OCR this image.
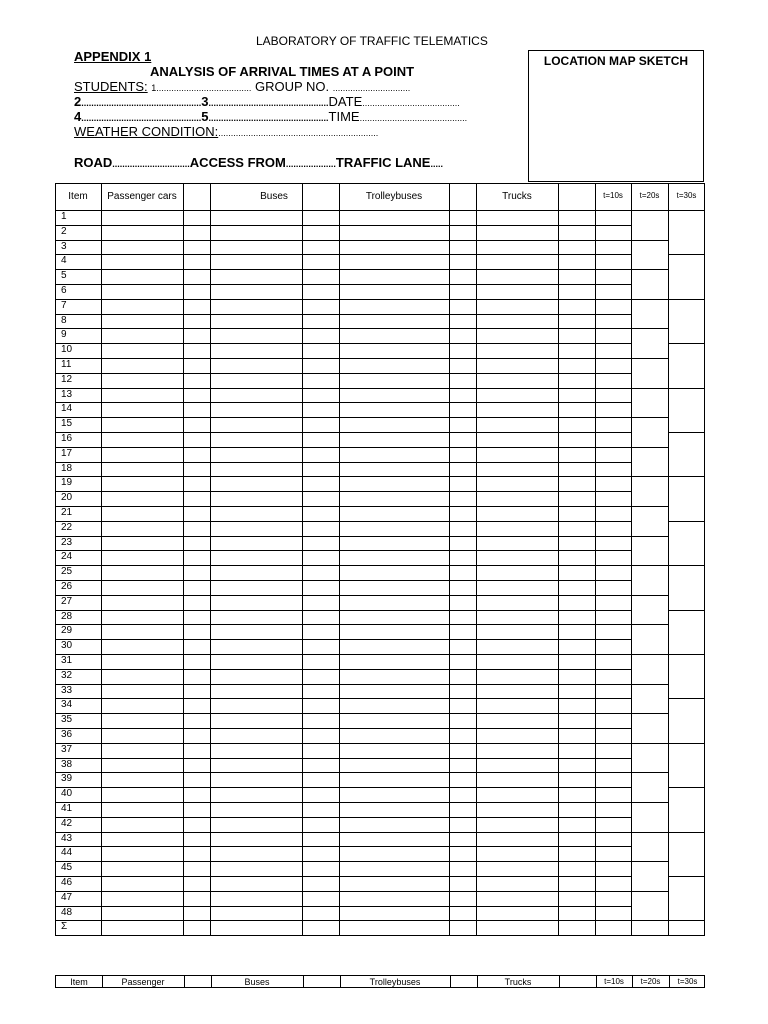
LABORATORY OF TRAFFIC TELEMATICS
APPENDIX 1
ANALYSIS OF ARRIVAL TIMES AT A POINT
STUDENTS: 1...................................... GROUP NO. ...............................
2................................................3................................................DATE.......................................
4................................................5................................................TIME...........................................
WEATHER CONDITION:................................................................
ROAD...............................ACCESS FROM....................TRAFFIC LANE.....
LOCATION MAP SKETCH
Item	Passenger cars	Buses	Trolleybuses	Trucks	t=10s	t=20s	t=30s
1
2
3
4
5
6
7
8
9
10
11
12
13
14
15
16
17
18
19
20
21
22
23
24
25
26
27
28
29
30
31
32
33
34
35
36
37
38
39
40
41
42
43
44
45
46
47
48
Σ
Item	Passenger	Buses	Trolleybuses	Trucks	t=10s	t=20s	t=30s
